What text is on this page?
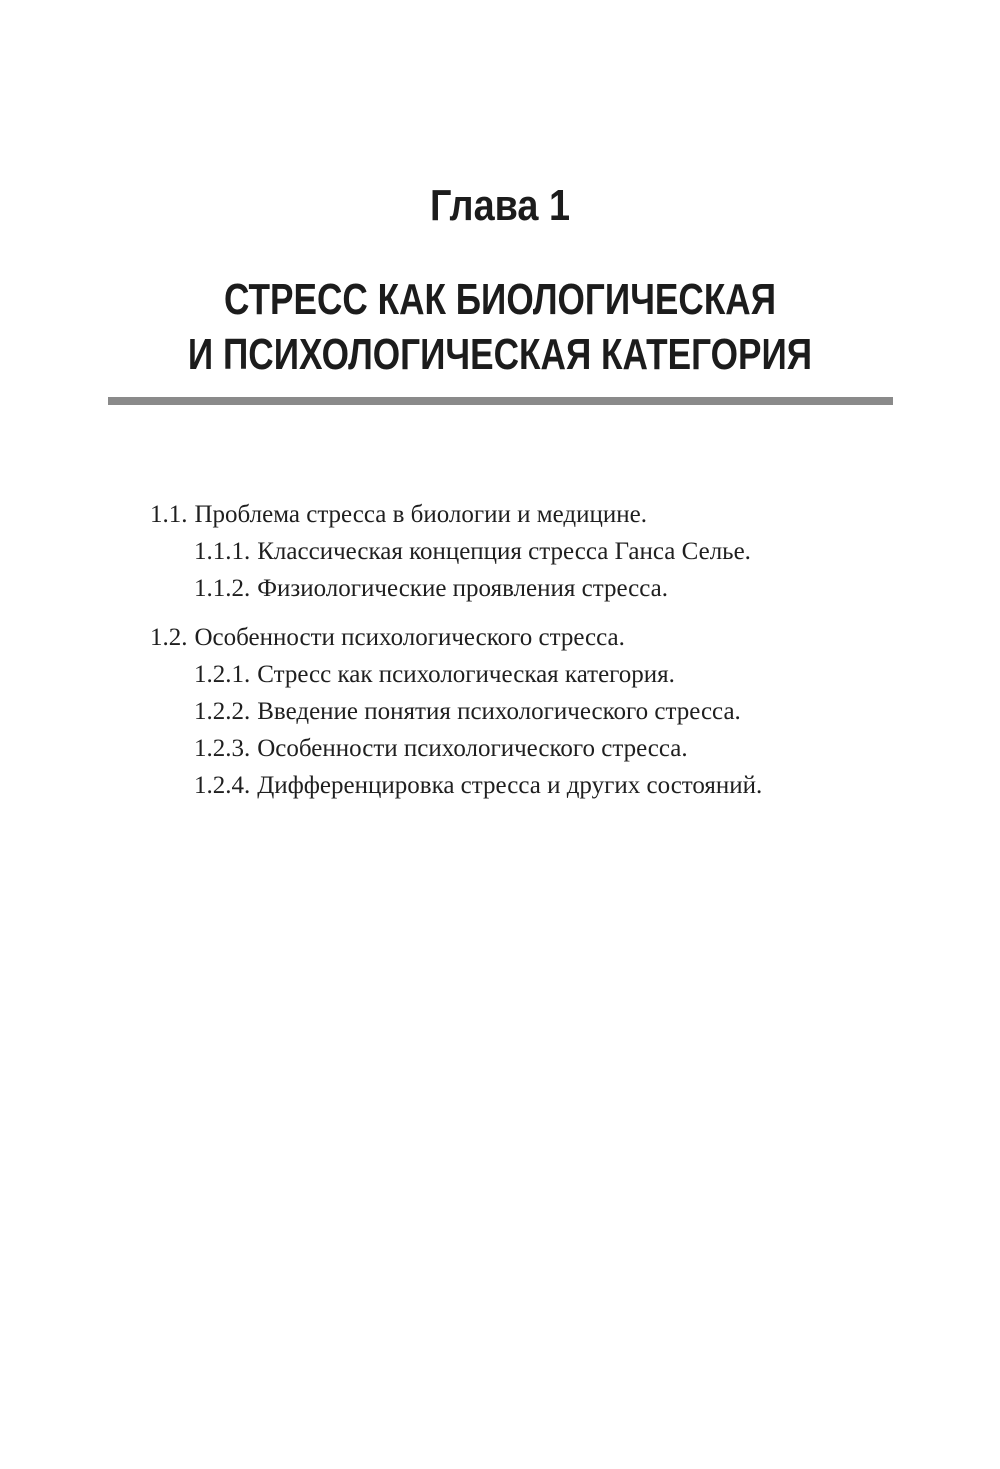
Глава 1
СТРЕСС КАК БИОЛОГИЧЕСКАЯ
И ПСИХОЛОГИЧЕСКАЯ КАТЕГОРИЯ
1.1. Проблема стресса в биологии и медицине.
1.1.1. Классическая концепция стресса Ганса Селье.
1.1.2. Физиологические проявления стресса.
1.2. Особенности психологического стресса.
1.2.1. Стресс как психологическая категория.
1.2.2. Введение понятия психологического стресса.
1.2.3. Особенности психологического стресса.
1.2.4. Дифференцировка стресса и других состояний.
